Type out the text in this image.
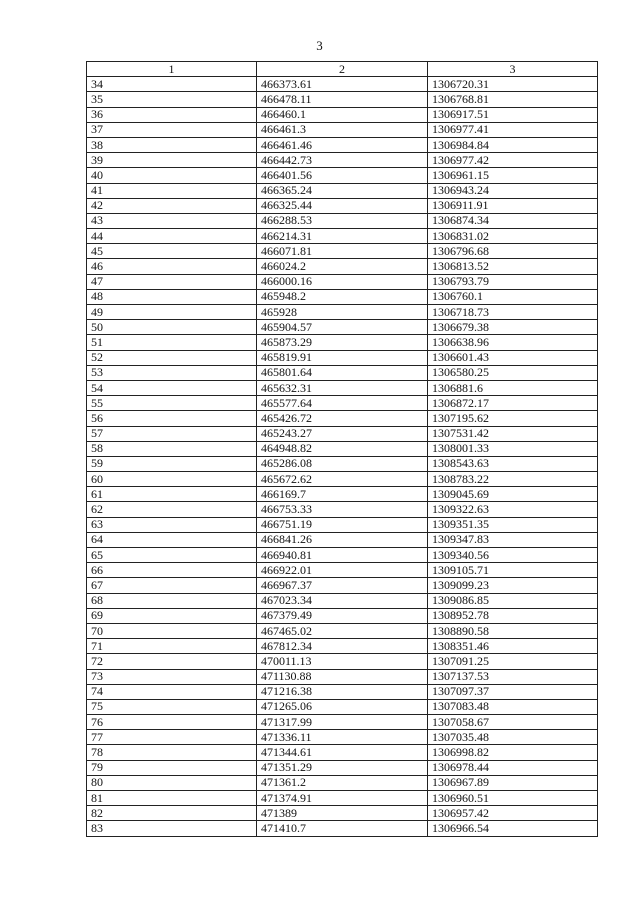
3
1	2	3
34	466373.61	1306720.31
35	466478.11	1306768.81
36	466460.1	1306917.51
37	466461.3	1306977.41
38	466461.46	1306984.84
39	466442.73	1306977.42
40	466401.56	1306961.15
41	466365.24	1306943.24
42	466325.44	1306911.91
43	466288.53	1306874.34
44	466214.31	1306831.02
45	466071.81	1306796.68
46	466024.2	1306813.52
47	466000.16	1306793.79
48	465948.2	1306760.1
49	465928	1306718.73
50	465904.57	1306679.38
51	465873.29	1306638.96
52	465819.91	1306601.43
53	465801.64	1306580.25
54	465632.31	1306881.6
55	465577.64	1306872.17
56	465426.72	1307195.62
57	465243.27	1307531.42
58	464948.82	1308001.33
59	465286.08	1308543.63
60	465672.62	1308783.22
61	466169.7	1309045.69
62	466753.33	1309322.63
63	466751.19	1309351.35
64	466841.26	1309347.83
65	466940.81	1309340.56
66	466922.01	1309105.71
67	466967.37	1309099.23
68	467023.34	1309086.85
69	467379.49	1308952.78
70	467465.02	1308890.58
71	467812.34	1308351.46
72	470011.13	1307091.25
73	471130.88	1307137.53
74	471216.38	1307097.37
75	471265.06	1307083.48
76	471317.99	1307058.67
77	471336.11	1307035.48
78	471344.61	1306998.82
79	471351.29	1306978.44
80	471361.2	1306967.89
81	471374.91	1306960.51
82	471389	1306957.42
83	471410.7	1306966.54
